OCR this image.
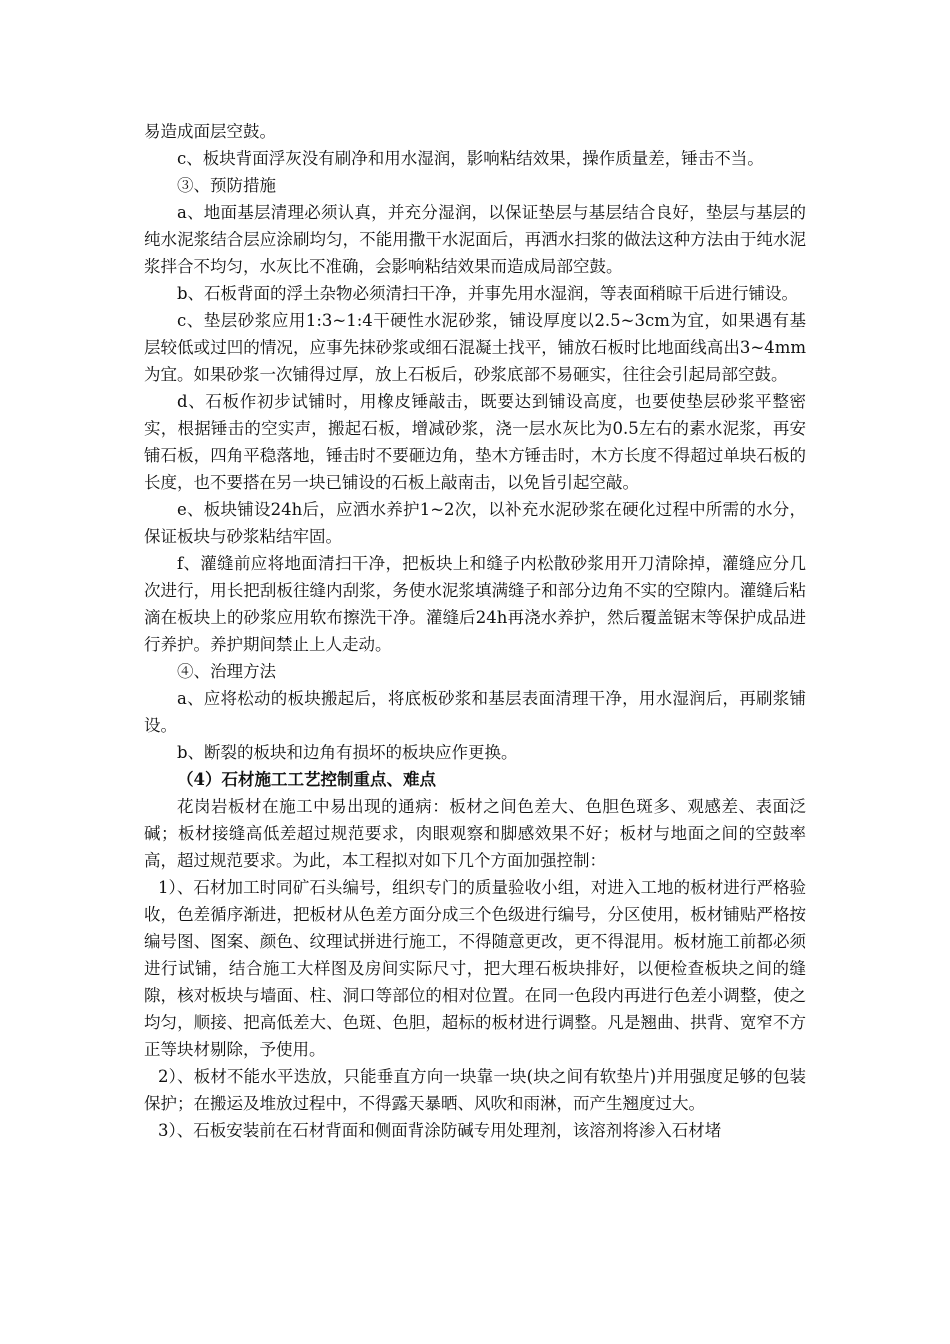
易造成面层空鼓。

c、板块背面浮灰没有刷净和用水湿润，影响粘结效果，操作质量差，锤击不当。

③、预防措施

a、地面基层清理必须认真，并充分湿润，以保证垫层与基层结合良好，垫层与基层的纯水泥浆结合层应涂刷均匀，不能用撒干水泥面后，再洒水扫浆的做法这种方法由于纯水泥浆拌合不均匀，水灰比不准确，会影响粘结效果而造成局部空鼓。

b、石板背面的浮土杂物必须清扫干净，并事先用水湿润，等表面稍晾干后进行铺设。

c、垫层砂浆应用1:3~1:4干硬性水泥砂浆，铺设厚度以2.5~3cm为宜，如果遇有基层较低或过凹的情况，应事先抹砂浆或细石混凝土找平，铺放石板时比地面线高出3~4mm为宜。如果砂浆一次铺得过厚，放上石板后，砂浆底部不易砸实，往往会引起局部空鼓。

d、石板作初步试铺时，用橡皮锤敲击，既要达到铺设高度，也要使垫层砂浆平整密实，根据锤击的空实声，搬起石板，增减砂浆，浇一层水灰比为0.5左右的素水泥浆，再安铺石板，四角平稳落地，锤击时不要砸边角，垫木方锤击时，木方长度不得超过单块石板的长度，也不要搭在另一块已铺设的石板上敲南击，以免旨引起空敲。

e、板块铺设24h后，应洒水养护1~2次，以补充水泥砂浆在硬化过程中所需的水分，保证板块与砂浆粘结牢固。

f、灌缝前应将地面清扫干净，把板块上和缝子内松散砂浆用开刀清除掉，灌缝应分几次进行，用长把刮板往缝内刮浆，务使水泥浆填满缝子和部分边角不实的空隙内。灌缝后粘滴在板块上的砂浆应用软布擦洗干净。灌缝后24h再浇水养护，然后覆盖锯末等保护成品进行养护。养护期间禁止上人走动。

④、治理方法

a、应将松动的板块搬起后，将底板砂浆和基层表面清理干净，用水湿润后，再刷浆铺设。

b、断裂的板块和边角有损坏的板块应作更换。

（4）石材施工工艺控制重点、难点

花岗岩板材在施工中易出现的通病：板材之间色差大、色胆色斑多、观感差、表面泛碱；板材接缝高低差超过规范要求，肉眼观察和脚感效果不好；板材与地面之间的空鼓率高，超过规范要求。为此，本工程拟对如下几个方面加强控制：

1）、石材加工时同矿石头编号，组织专门的质量验收小组，对进入工地的板材进行严格验收，色差循序渐进，把板材从色差方面分成三个色级进行编号，分区使用，板材铺贴严格按编号图、图案、颜色、纹理试拼进行施工，不得随意更改，更不得混用。板材施工前都必须进行试铺，结合施工大样图及房间实际尺寸，把大理石板块排好，以便检查板块之间的缝隙，核对板块与墙面、柱、洞口等部位的相对位置。在同一色段内再进行色差小调整，使之均匀，顺接、把高低差大、色斑、色胆，超标的板材进行调整。凡是翘曲、拱背、宽窄不方正等块材剔除，予使用。

2）、板材不能水平迭放，只能垂直方向一块靠一块(块之间有软垫片)并用强度足够的包装保护；在搬运及堆放过程中，不得露天暴晒、风吹和雨淋，而产生翘度过大。

3）、石板安装前在石材背面和侧面背涂防碱专用处理剂，该溶剂将渗入石材堵
